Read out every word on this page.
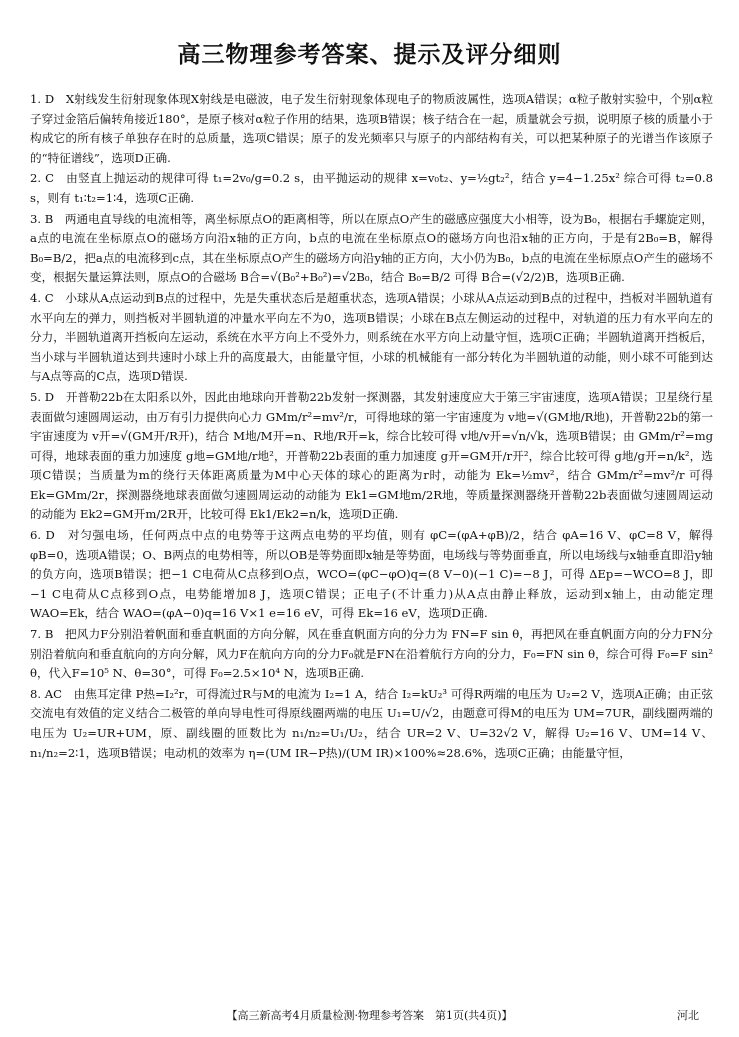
高三物理参考答案、提示及评分细则

1. D　X射线发生衍射现象体现X射线是电磁波，电子发生衍射现象体现电子的物质波属性，选项A错误；α粒子散射实验中，个别α粒子穿过金箔后偏转角接近180°，是原子核对α粒子作用的结果，选项B错误；核子结合在一起，质量就会亏损，说明原子核的质量小于构成它的所有核子单独存在时的总质量，选项C错误；原子的发光频率只与原子的内部结构有关，可以把某种原子的光谱当作该原子的“特征谱线”，选项D正确.

2. C　由竖直上抛运动的规律可得 t₁=2v₀/g=0.2 s，由平抛运动的规律 x=v₀t₂、y=½gt₂²，结合 y=4−1.25x² 综合可得 t₂=0.8 s，则有 t₁∶t₂=1∶4，选项C正确.

3. B　两通电直导线的电流相等，离坐标原点O的距离相等，所以在原点O产生的磁感应强度大小相等，设为B₀，根据右手螺旋定则，a点的电流在坐标原点O的磁场方向沿x轴的正方向，b点的电流在坐标原点O的磁场方向也沿x轴的正方向，于是有2B₀=B，解得B₀=B/2，把a点的电流移到c点，其在坐标原点O产生的磁场方向沿y轴的正方向，大小仍为B₀，b点的电流在坐标原点O产生的磁场不变，根据矢量运算法则，原点O的合磁场 B合=√(B₀²+B₀²)=√2B₀，结合 B₀=B/2 可得 B合=(√2/2)B，选项B正确.

4. C　小球从A点运动到B点的过程中，先是失重状态后是超重状态，选项A错误；小球从A点运动到B点的过程中，挡板对半圆轨道有水平向左的弹力，则挡板对半圆轨道的冲量水平向左不为0，选项B错误；小球在B点左侧运动的过程中，对轨道的压力有水平向左的分力，半圆轨道离开挡板向左运动，系统在水平方向上不受外力，则系统在水平方向上动量守恒，选项C正确；半圆轨道离开挡板后，当小球与半圆轨道达到共速时小球上升的高度最大，由能量守恒，小球的机械能有一部分转化为半圆轨道的动能，则小球不可能到达与A点等高的C点，选项D错误.

5. D　开普勒22b在太阳系以外，因此由地球向开普勒22b发射一探测器，其发射速度应大于第三宇宙速度，选项A错误；卫星绕行星表面做匀速圆周运动，由万有引力提供向心力 GMm/r²=mv²/r，可得地球的第一宇宙速度为 v地=√(GM地/R地)，开普勒22b的第一宇宙速度为 v开=√(GM开/R开)，结合 M地/M开=n、R地/R开=k，综合比较可得 v地/v开=√n/√k，选项B错误；由 GMm/r²=mg 可得，地球表面的重力加速度 g地=GM地/r地²，开普勒22b表面的重力加速度 g开=GM开/r开²，综合比较可得 g地/g开=n/k²，选项C错误；当质量为m的绕行天体距离质量为M中心天体的球心的距离为r时，动能为 Ek=½mv²，结合 GMm/r²=mv²/r 可得 Ek=GMm/2r，探测器绕地球表面做匀速圆周运动的动能为 Ek1=GM地m/2R地，等质量探测器绕开普勒22b表面做匀速圆周运动的动能为 Ek2=GM开m/2R开，比较可得 Ek1/Ek2=n/k，选项D正确.

6. D　对匀强电场，任何两点中点的电势等于这两点电势的平均值，则有 φC=(φA+φB)/2，结合 φA=16 V、φC=8 V，解得 φB=0，选项A错误；O、B两点的电势相等，所以OB是等势面即x轴是等势面，电场线与等势面垂直，所以电场线与x轴垂直即沿y轴的负方向，选项B错误；把−1 C电荷从C点移到O点，WCO=(φC−φO)q=(8 V−0)(−1 C)=−8 J，可得 ΔEp=−WCO=8 J，即−1 C电荷从C点移到O点，电势能增加8 J，选项C错误；正电子(不计重力)从A点由静止释放，运动到x轴上，由动能定理 WAO=Ek，结合 WAO=(φA−0)q=16 V×1 e=16 eV，可得 Ek=16 eV，选项D正确.

7. B　把风力F分别沿着帆面和垂直帆面的方向分解，风在垂直帆面方向的分力为 FN=F sin θ，再把风在垂直帆面方向的分力FN分别沿着航向和垂直航向的方向分解，风力F在航向方向的分力F₀就是FN在沿着航行方向的分力，F₀=FN sin θ，综合可得 F₀=F sin² θ，代入F=10⁵ N、θ=30°，可得 F₀=2.5×10⁴ N，选项B正确.

8. AC　由焦耳定律 P热=I₂²r，可得流过R与M的电流为 I₂=1 A，结合 I₂=kU₂³ 可得R两端的电压为 U₂=2 V，选项A正确；由正弦交流电有效值的定义结合二极管的单向导电性可得原线圈两端的电压 U₁=U/√2，由题意可得M的电压为 UM=7UR，副线圈两端的电压为 U₂=UR+UM，原、副线圈的匝数比为 n₁/n₂=U₁/U₂，结合 UR=2 V、U=32√2 V，解得 U₂=16 V、UM=14 V、n₁/n₂=2∶1，选项B错误；电动机的效率为 η=(UM IR−P热)/(UM IR)×100%≈28.6%，选项C正确；由能量守恒，

【高三新高考4月质量检测·物理参考答案　第1页(共4页)】	河北
